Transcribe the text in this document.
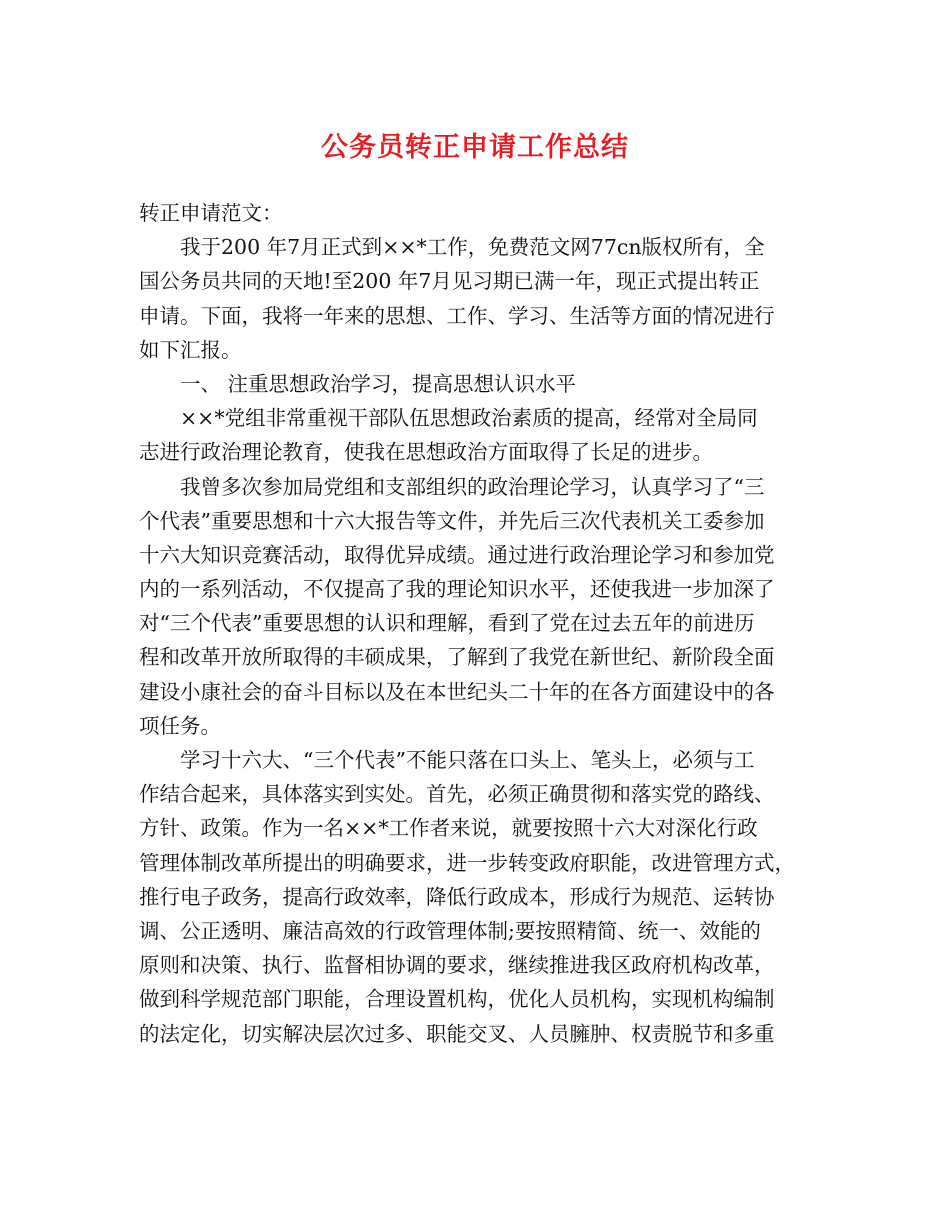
公务员转正申请工作总结
转正申请范文：
我于200 年7月正式到××*工作，免费范文网77cn版权所有，全
国公务员共同的天地!至200 年7月见习期已满一年，现正式提出转正
申请。下面，我将一年来的思想、工作、学习、生活等方面的情况进行
如下汇报。
一、 注重思想政治学习，提高思想认识水平
××*党组非常重视干部队伍思想政治素质的提高，经常对全局同
志进行政治理论教育，使我在思想政治方面取得了长足的进步。
我曾多次参加局党组和支部组织的政治理论学习，认真学习了“三
个代表”重要思想和十六大报告等文件，并先后三次代表机关工委参加
十六大知识竞赛活动，取得优异成绩。通过进行政治理论学习和参加党
内的一系列活动，不仅提高了我的理论知识水平，还使我进一步加深了
对“三个代表”重要思想的认识和理解，看到了党在过去五年的前进历
程和改革开放所取得的丰硕成果，了解到了我党在新世纪、新阶段全面
建设小康社会的奋斗目标以及在本世纪头二十年的在各方面建设中的各
项任务。
学习十六大、“三个代表”不能只落在口头上、笔头上，必须与工
作结合起来，具体落实到实处。首先，必须正确贯彻和落实党的路线、
方针、政策。作为一名××*工作者来说，就要按照十六大对深化行政
管理体制改革所提出的明确要求，进一步转变政府职能，改进管理方式，
推行电子政务，提高行政效率，降低行政成本，形成行为规范、运转协
调、公正透明、廉洁高效的行政管理体制;要按照精简、统一、效能的
原则和决策、执行、监督相协调的要求，继续推进我区政府机构改革，
做到科学规范部门职能，合理设置机构，优化人员机构，实现机构编制
的法定化，切实解决层次过多、职能交叉、人员臃肿、权责脱节和多重
